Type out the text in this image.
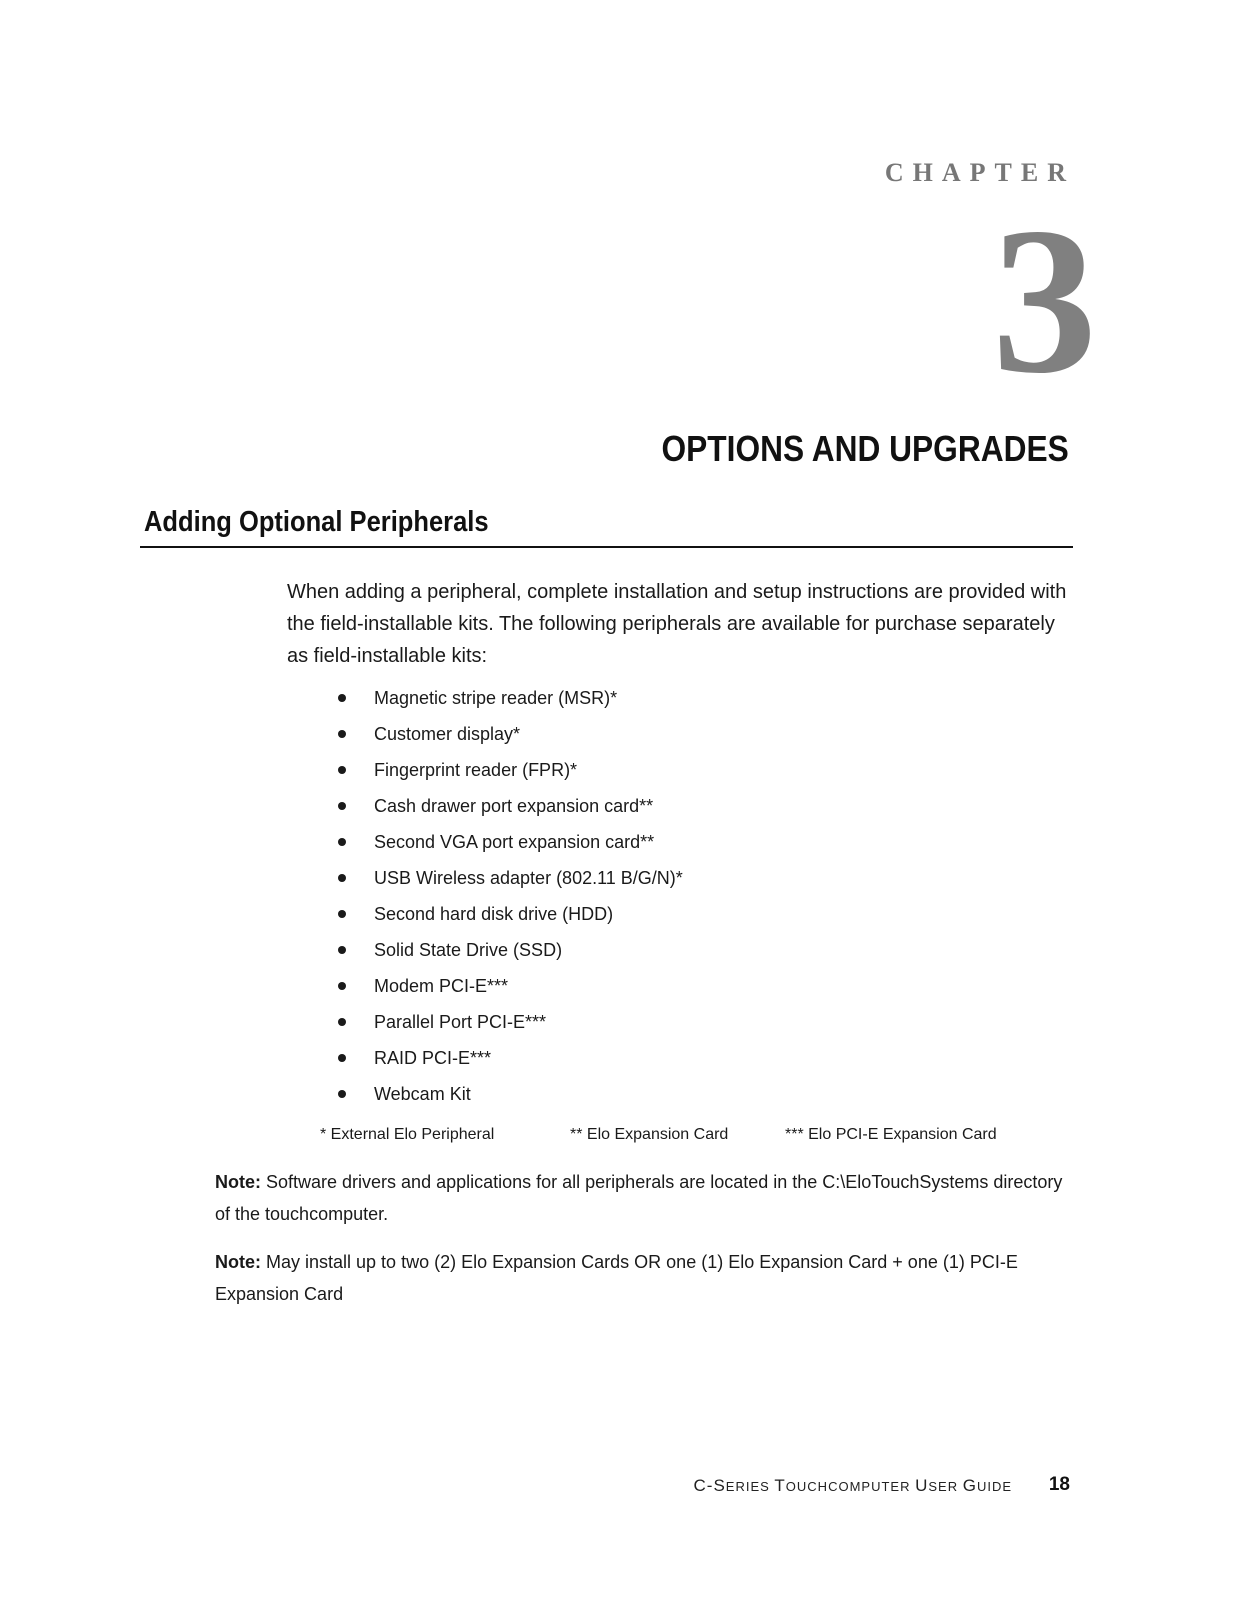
CHAPTER
3
OPTIONS AND UPGRADES
Adding Optional Peripherals
When adding a peripheral, complete installation and setup instructions are provided with the field-installable kits. The following peripherals are available for purchase separately as field-installable kits:
Magnetic stripe reader (MSR)*
Customer display*
Fingerprint reader (FPR)*
Cash drawer port expansion card**
Second VGA port expansion card**
USB Wireless adapter (802.11 B/G/N)*
Second hard disk drive (HDD)
Solid State Drive (SSD)
Modem PCI-E***
Parallel Port PCI-E***
RAID PCI-E***
Webcam Kit
* External Elo Peripheral	** Elo Expansion Card	*** Elo PCI-E Expansion Card
Note: Software drivers and applications for all peripherals are located in the C:\EloTouchSystems directory of the touchcomputer.
Note: May install up to two (2) Elo Expansion Cards OR one (1) Elo Expansion Card + one (1) PCI-E Expansion Card
C-SERIES TOUCHCOMPUTER USER GUIDE 18
